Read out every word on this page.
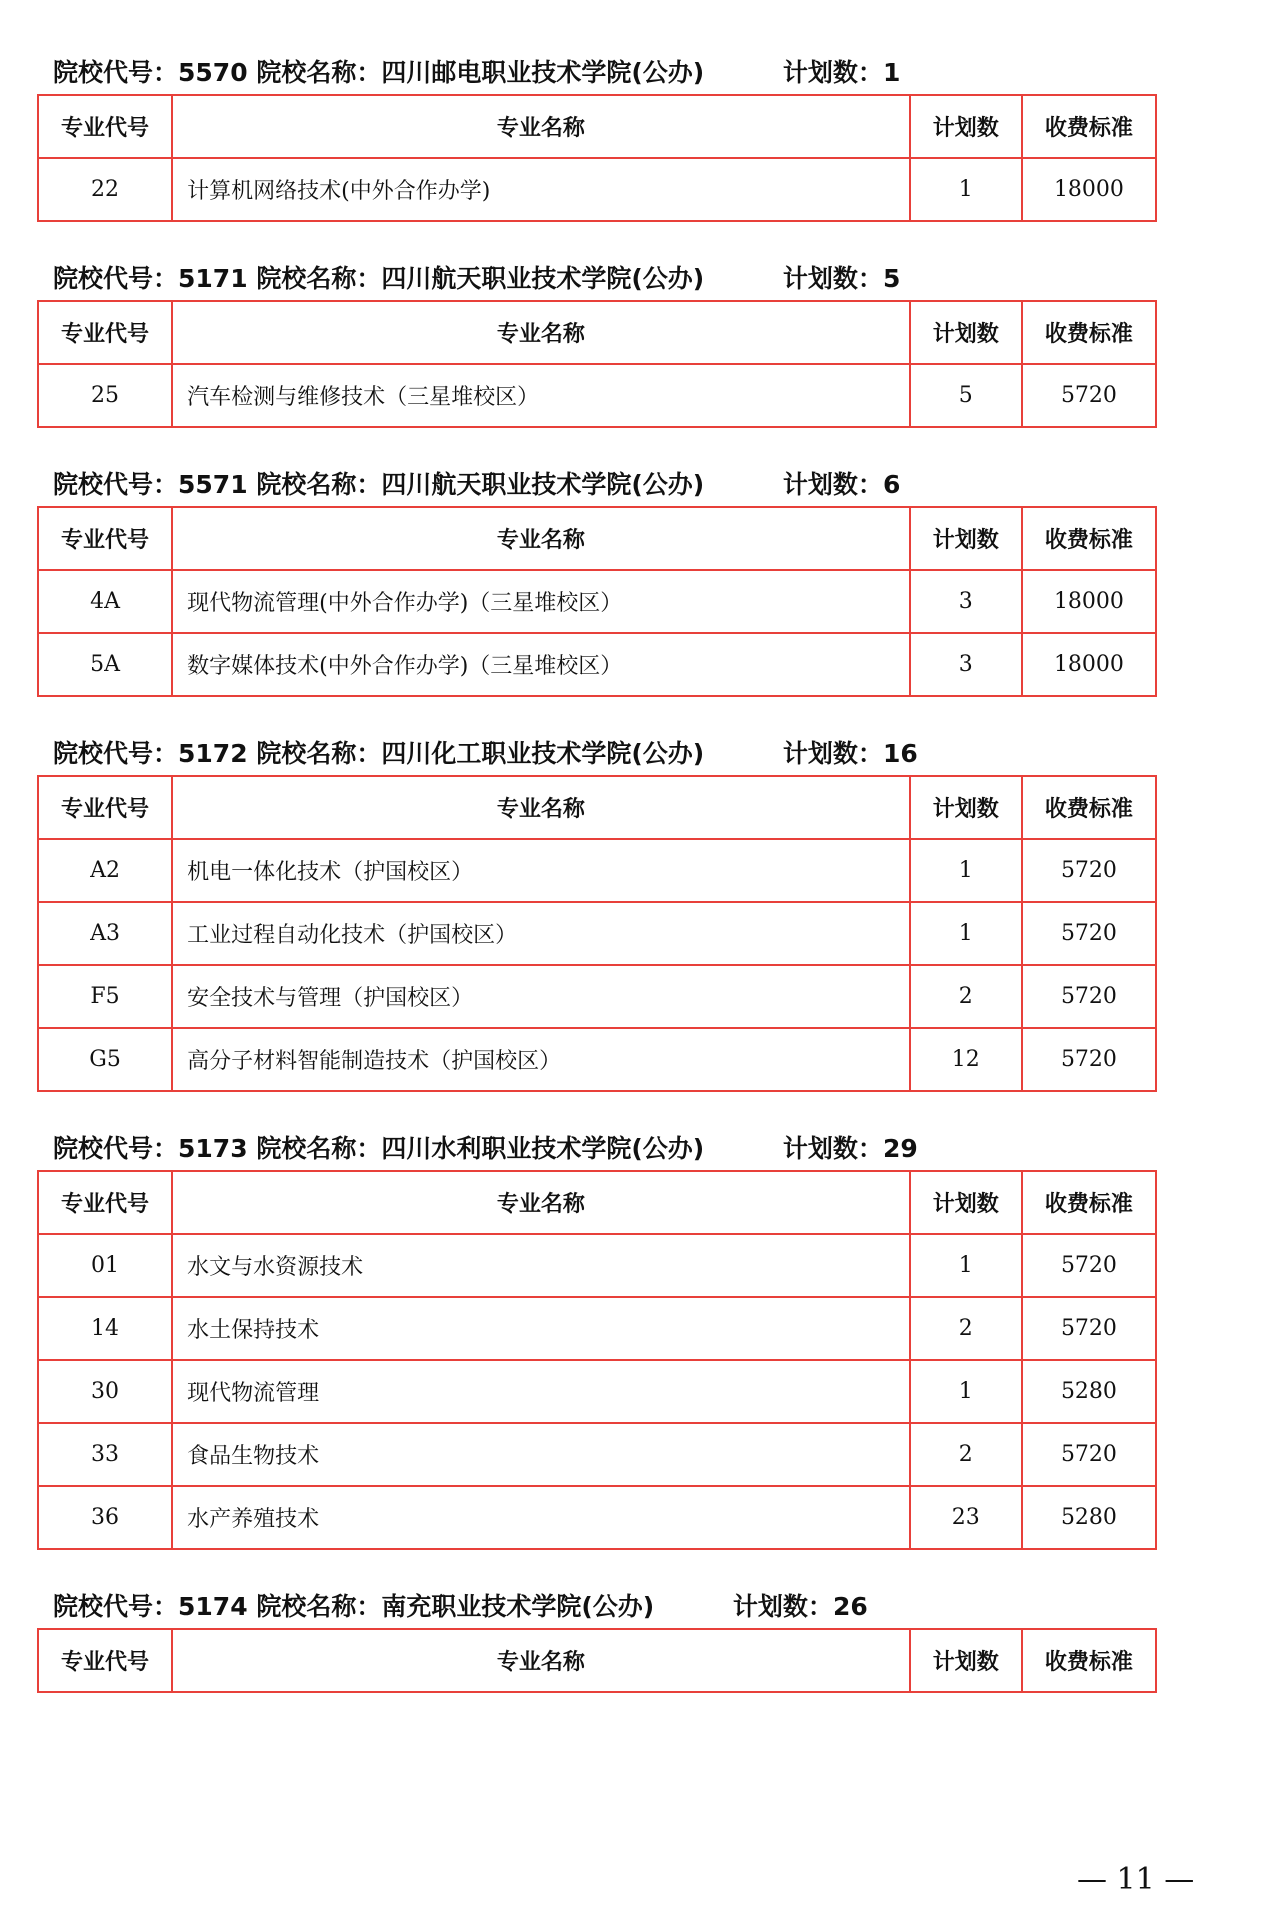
院校代号：5570 院校名称：四川邮电职业技术学院(公办)	计划数：1
专业代号	专业名称	计划数	收费标准
22	计算机网络技术(中外合作办学)	1	18000
院校代号：5171 院校名称：四川航天职业技术学院(公办)	计划数：5
专业代号	专业名称	计划数	收费标准
25	汽车检测与维修技术（三星堆校区）	5	5720
院校代号：5571 院校名称：四川航天职业技术学院(公办)	计划数：6
专业代号	专业名称	计划数	收费标准
4A	现代物流管理(中外合作办学)（三星堆校区）	3	18000
5A	数字媒体技术(中外合作办学)（三星堆校区）	3	18000
院校代号：5172 院校名称：四川化工职业技术学院(公办)	计划数：16
专业代号	专业名称	计划数	收费标准
A2	机电一体化技术（护国校区）	1	5720
A3	工业过程自动化技术（护国校区）	1	5720
F5	安全技术与管理（护国校区）	2	5720
G5	高分子材料智能制造技术（护国校区）	12	5720
院校代号：5173 院校名称：四川水利职业技术学院(公办)	计划数：29
专业代号	专业名称	计划数	收费标准
01	水文与水资源技术	1	5720
14	水土保持技术	2	5720
30	现代物流管理	1	5280
33	食品生物技术	2	5720
36	水产养殖技术	23	5280
院校代号：5174 院校名称：南充职业技术学院(公办)	计划数：26
专业代号	专业名称	计划数	收费标准
— 11 —
